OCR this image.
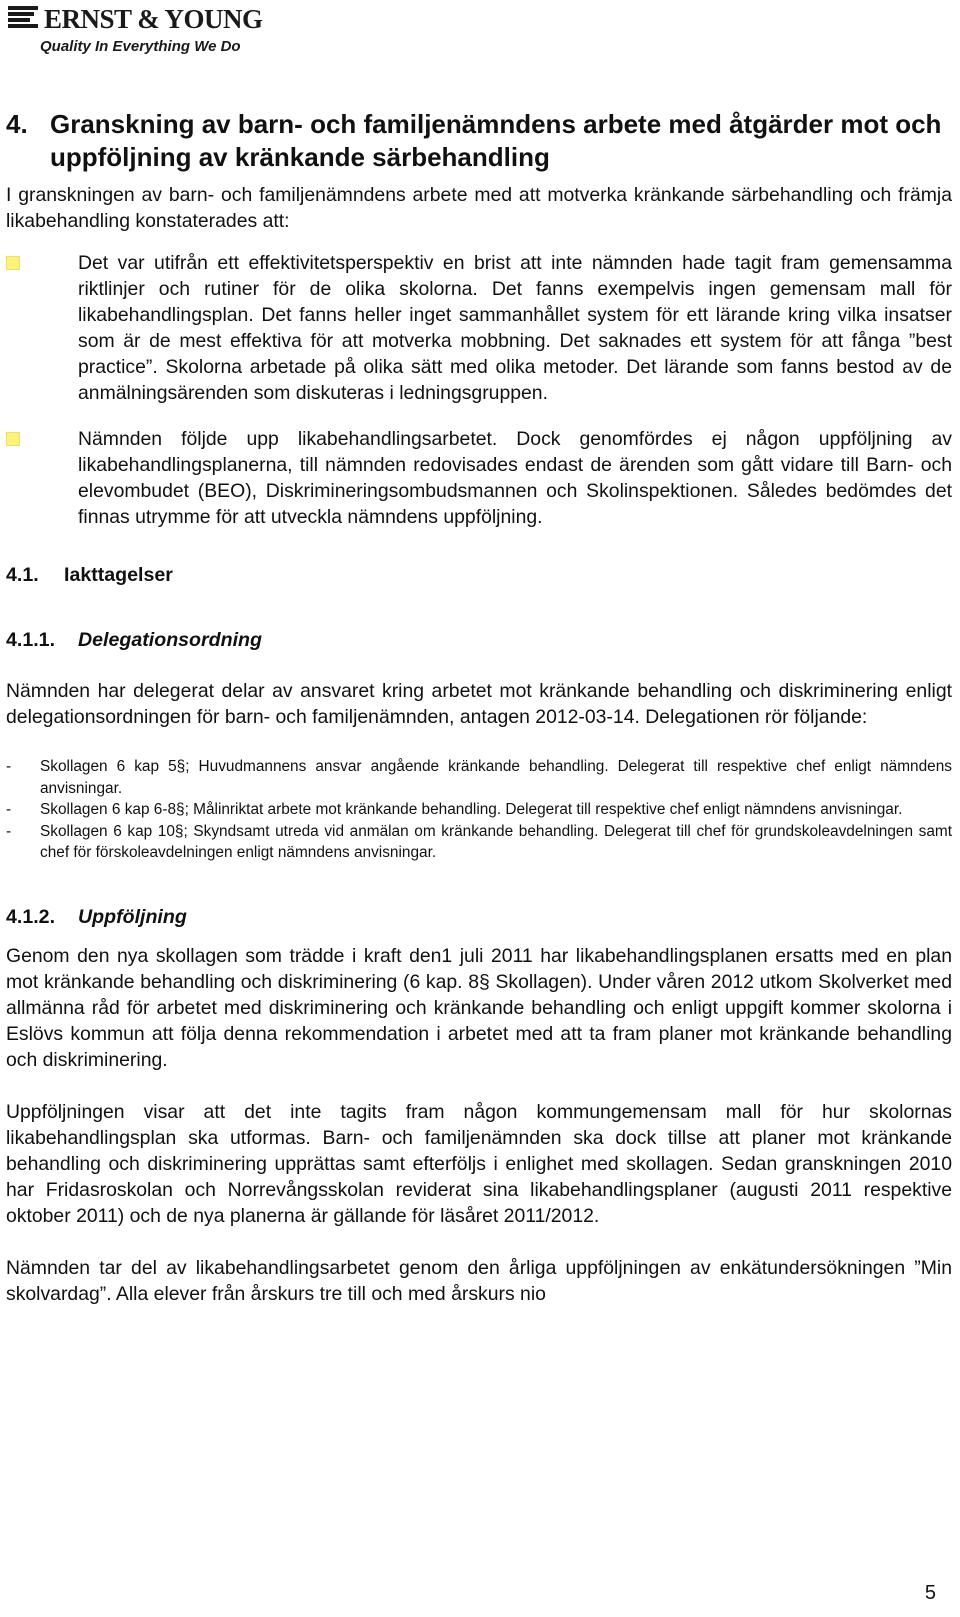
ERNST & YOUNG
Quality In Everything We Do
4. Granskning av barn- och familjenämndens arbete med åtgärder mot och uppföljning av kränkande särbehandling

I granskningen av barn- och familjenämndens arbete med att motverka kränkande särbehandling och främja likabehandling konstaterades att:

Det var utifrån ett effektivitetsperspektiv en brist att inte nämnden hade tagit fram gemensamma riktlinjer och rutiner för de olika skolorna. Det fanns exempelvis ingen gemensam mall för likabehandlingsplan. Det fanns heller inget sammanhållet system för ett lärande kring vilka insatser som är de mest effektiva för att motverka mobbning. Det saknades ett system för att fånga ”best practice”. Skolorna arbetade på olika sätt med olika metoder. Det lärande som fanns bestod av de anmälningsärenden som diskuteras i ledningsgruppen.
Nämnden följde upp likabehandlingsarbetet. Dock genomfördes ej någon uppföljning av likabehandlingsplanerna, till nämnden redovisades endast de ärenden som gått vidare till Barn- och elevombudet (BEO), Diskrimineringsombudsmannen och Skolinspektionen. Således bedömdes det finnas utrymme för att utveckla nämndens uppföljning.
4.1. Iakttagelser
4.1.1. Delegationsordning

Nämnden har delegerat delar av ansvaret kring arbetet mot kränkande behandling och diskriminering enligt delegationsordningen för barn- och familjenämnden, antagen 2012-03-14. Delegationen rör följande:

-	Skollagen 6 kap 5§; Huvudmannens ansvar angående kränkande behandling. Delegerat till respektive chef enligt nämndens anvisningar.
-	Skollagen 6 kap 6-8§; Målinriktat arbete mot kränkande behandling. Delegerat till respektive chef enligt nämndens anvisningar.
-	Skollagen 6 kap 10§; Skyndsamt utreda vid anmälan om kränkande behandling. Delegerat till chef för grundskoleavdelningen samt chef för förskoleavdelningen enligt nämndens anvisningar.
4.1.2. Uppföljning

Genom den nya skollagen som trädde i kraft den1 juli 2011 har likabehandlingsplanen ersatts med en plan mot kränkande behandling och diskriminering (6 kap. 8§ Skollagen). Under våren 2012 utkom Skolverket med allmänna råd för arbetet med diskriminering och kränkande behandling och enligt uppgift kommer skolorna i Eslövs kommun att följa denna rekommendation i arbetet med att ta fram planer mot kränkande behandling och diskriminering.

Uppföljningen visar att det inte tagits fram någon kommungemensam mall för hur skolornas likabehandlingsplan ska utformas. Barn- och familjenämnden ska dock tillse att planer mot kränkande behandling och diskriminering upprättas samt efterföljs i enlighet med skollagen. Sedan granskningen 2010 har Fridasroskolan och Norrevångsskolan reviderat sina likabehandlingsplaner (augusti 2011 respektive oktober 2011) och de nya planerna är gällande för läsåret 2011/2012.

Nämnden tar del av likabehandlingsarbetet genom den årliga uppföljningen av enkätundersökningen ”Min skolvardag”. Alla elever från årskurs tre till och med årskurs nio

5
